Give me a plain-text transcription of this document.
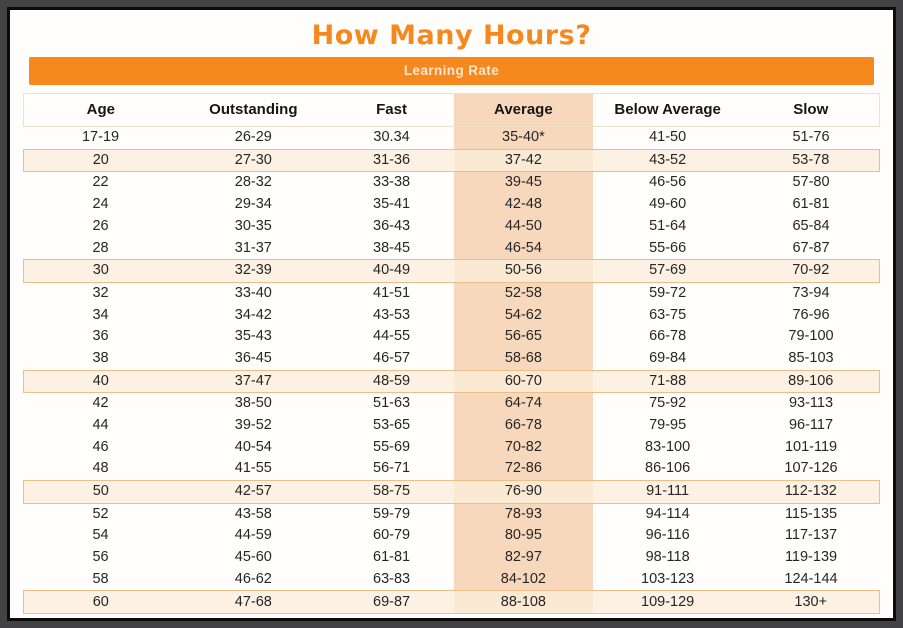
How Many Hours?
Learning Rate
Age	Outstanding	Fast	Average	Below Average	Slow
17-19	26-29	30.34	35-40*	41-50	51-76
20	27-30	31-36	37-42	43-52	53-78
22	28-32	33-38	39-45	46-56	57-80
24	29-34	35-41	42-48	49-60	61-81
26	30-35	36-43	44-50	51-64	65-84
28	31-37	38-45	46-54	55-66	67-87
30	32-39	40-49	50-56	57-69	70-92
32	33-40	41-51	52-58	59-72	73-94
34	34-42	43-53	54-62	63-75	76-96
36	35-43	44-55	56-65	66-78	79-100
38	36-45	46-57	58-68	69-84	85-103
40	37-47	48-59	60-70	71-88	89-106
42	38-50	51-63	64-74	75-92	93-113
44	39-52	53-65	66-78	79-95	96-117
46	40-54	55-69	70-82	83-100	101-119
48	41-55	56-71	72-86	86-106	107-126
50	42-57	58-75	76-90	91-111	112-132
52	43-58	59-79	78-93	94-114	115-135
54	44-59	60-79	80-95	96-116	117-137
56	45-60	61-81	82-97	98-118	119-139
58	46-62	63-83	84-102	103-123	124-144
60	47-68	69-87	88-108	109-129	130+
